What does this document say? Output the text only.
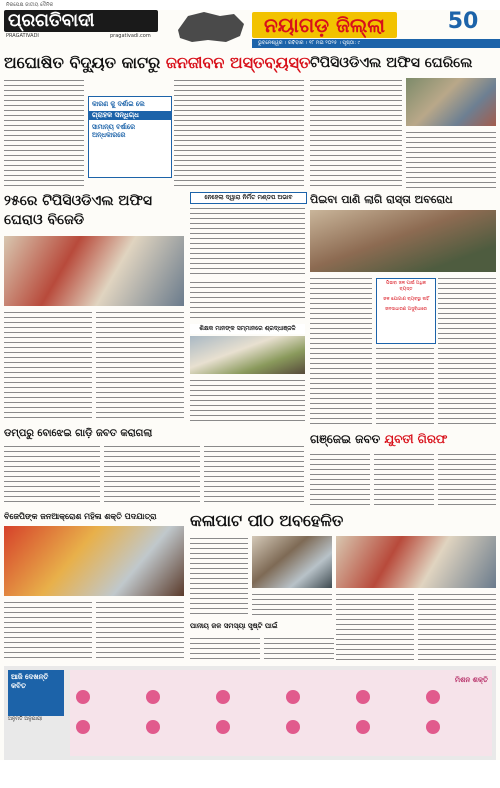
ନିରପେକ୍ଷ ଜାତୀୟ ଦୈନିକ
ପ୍ରଗତିବାଦୀ
PRAGATIVADI	pragativadi.com	ନୟାଗଡ଼ ଜିଲ୍ଲା	50
ଭୁବନେଶ୍ୱର । ରବିବାର । ୧୮ ମଇ ୨୦୨୫ । ପୃଷ୍ଠା: ୯
ଅଘୋଷିତ ବିଦ୍ୟୁତ କାଟରୁ ଜନଜୀବନ ଅସ୍ତବ୍ୟସ୍ତ ଟିପିସିଓଡିଏଲ ଅଫିସ ଘେରିଲେ
କାରଣ କୁ ଦର୍ଶାଇ ଲେ
ଗ୍ରାହକ ସନ୍ଧିଗ୍ଧ
ସାମାନ୍ୟ ବର୍ଷାରେ ଅନ୍ଧକାରରେ
୨୫ରେ ଟିପିସିଓଡିଏଲ ଅଫିସ ଘେରାଓ ବିଜେଡି
ନେହେଲା ଦ୍ୱାରା ନିର୍ମିତ ମଣ୍ଡପ ଅଭାବ	ପିଇବା ପାଣି ଲାଗି ରାସ୍ତା ଅବରୋଧ
ଶିକ୍ଷକ ମାନଙ୍କ ସମ୍ମାନରେ ଶ୍ରଦ୍ଧାଞ୍ଜଳି
ପିଇବା ଜଳ ପାଇଁ ଅଧିକ ବ୍ୟସ୍ତ
ଜଳ ଯୋଗାଣ ବ୍ୟବସ୍ଥା ନାହିଁ
ଜନସାଧାରଣ ଅସୁବିଧାରେ
ଡମ୍ପରୁ ବୋଝେଇ ଗାଡ଼ି ଜବତ କରାଗଲା	ଗଞ୍ଜେଇ ଜବତ ଯୁବତୀ ଗିରଫ
ବିଜେପିଙ୍କ ଜନଆକ୍ରୋଶ ମହିଳା ଶକ୍ତି ପଦଯାତ୍ରା	କଳାପାଟ ପୀଠ ଅବହେଳିତ
ପାନୀୟ ଜଳ ସମସ୍ୟା ସୃଷ୍ଟି ପାଇଁ
ଆଜି ଦେଖନ୍ତି କବିତ
ଅନୁମତି ଅନୁଯାୟୀ
ମିଶନ ଶକ୍ତି
